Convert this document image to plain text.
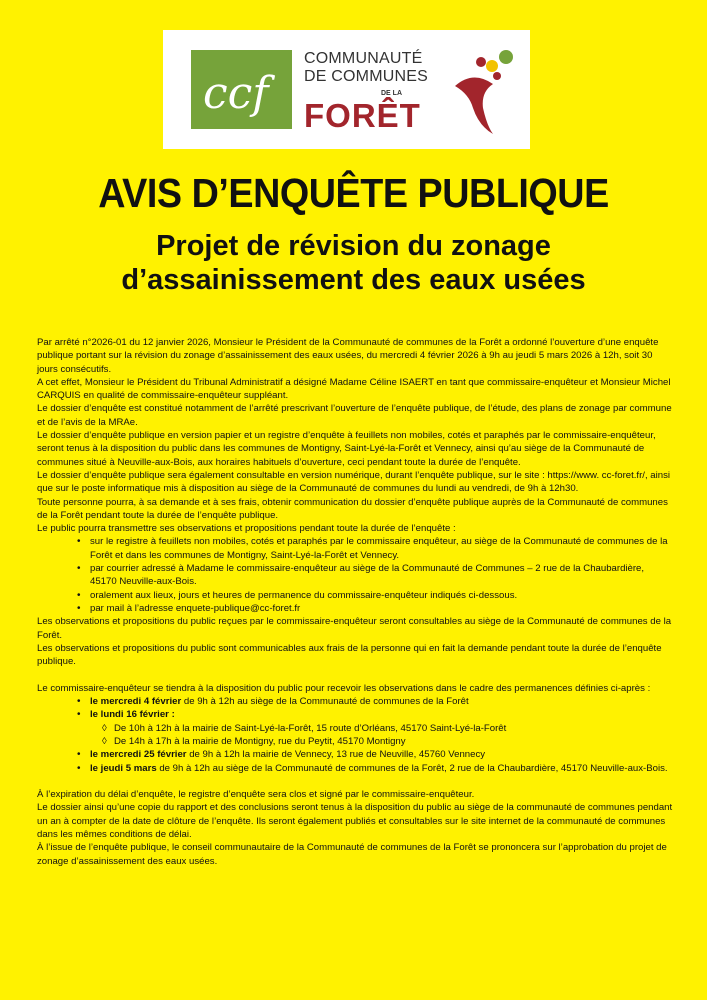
ccf
COMMUNAUTÉ
DE COMMUNES
DE LA
FORÊT
AVIS D’ENQUÊTE PUBLIQUE
Projet de révision du zonage
d’assainissement des eaux usées

Par arrêté n°2026-01 du 12 janvier 2026, Monsieur le Président de la Communauté de communes de la Forêt a ordonné l’ouverture d’une enquête publique portant sur la révision du zonage d’assainissement des eaux usées, du mercredi 4 février 2026 à 9h au jeudi 5 mars 2026 à 12h, soit 30 jours consécutifs.

A cet effet, Monsieur le Président du Tribunal Administratif a désigné Madame Céline ISAERT en tant que commissaire-enquêteur et Monsieur Michel CARQUIS en qualité de commissaire-enquêteur suppléant.

Le dossier d’enquête est constitué notamment de l’arrêté prescrivant l’ouverture de l’enquête publique, de l’étude, des plans de zonage par commune et de l’avis de la MRAe.

Le dossier d’enquête publique en version papier et un registre d’enquête à feuillets non mobiles, cotés et paraphés par le commissaire-enquêteur, seront tenus à la disposition du public dans les communes de Montigny, Saint-Lyé-la-Forêt et Vennecy, ainsi qu’au siège de la Communauté de communes situé à Neuville-aux-Bois, aux horaires habituels d’ouverture, ceci pendant toute la durée de l’enquête.

Le dossier d’enquête publique sera également consultable en version numérique, durant l’enquête publique, sur le site : https://www. cc-foret.fr/, ainsi que sur le poste informatique mis à disposition au siège de la Communauté de communes du lundi au vendredi, de 9h à 12h30.

Toute personne pourra, à sa demande et à ses frais, obtenir communication du dossier d’enquête publique auprès de la Communauté de communes de la Forêt pendant toute la durée de l’enquête publique.

Le public pourra transmettre ses observations et propositions pendant toute la durée de l’enquête :

• sur le registre à feuillets non mobiles, cotés et paraphés par le commissaire enquêteur, au siège de la Communauté de communes de la Forêt et dans les communes de Montigny, Saint-Lyé-la-Forêt et Vennecy.
• par courrier adressé à Madame le commissaire-enquêteur au siège de la Communauté de Communes – 2 rue de la Chaubardière, 45170 Neuville-aux-Bois.
• oralement aux lieux, jours et heures de permanence du commissaire-enquêteur indiqués ci-dessous.
• par mail à l’adresse enquete-publique@cc-foret.fr

Les observations et propositions du public reçues par le commissaire-enquêteur seront consultables au siège de la Communauté de communes de la Forêt.

Les observations et propositions du public sont communicables aux frais de la personne qui en fait la demande pendant toute la durée de l’enquête publique.

Le commissaire-enquêteur se tiendra à la disposition du public pour recevoir les observations dans le cadre des permanences définies ci-après :

• le mercredi 4 février de 9h à 12h au siège de la Communauté de communes de la Forêt
• le lundi 16 février :
◊ De 10h à 12h à la mairie de Saint-Lyé-la-Forêt, 15 route d’Orléans, 45170 Saint-Lyé-la-Forêt
◊ De 14h à 17h à la mairie de Montigny, rue du Peytit, 45170 Montigny
• le mercredi 25 février de 9h à 12h la mairie de Vennecy, 13 rue de Neuville, 45760 Vennecy
• le jeudi 5 mars de 9h à 12h au siège de la Communauté de communes de la Forêt, 2 rue de la Chaubardière, 45170 Neuville-aux-Bois.

À l’expiration du délai d’enquête, le registre d’enquête sera clos et signé par le commissaire-enquêteur.

Le dossier ainsi qu’une copie du rapport et des conclusions seront tenus à la disposition du public au siège de la communauté de communes pendant un an à compter de la date de clôture de l’enquête. Ils seront également publiés et consultables sur le site internet de la communauté de communes dans les mêmes conditions de délai.

À l’issue de l’enquête publique, le conseil communautaire de la Communauté de communes de la Forêt se prononcera sur l’approbation du projet de zonage d’assainissement des eaux usées.
